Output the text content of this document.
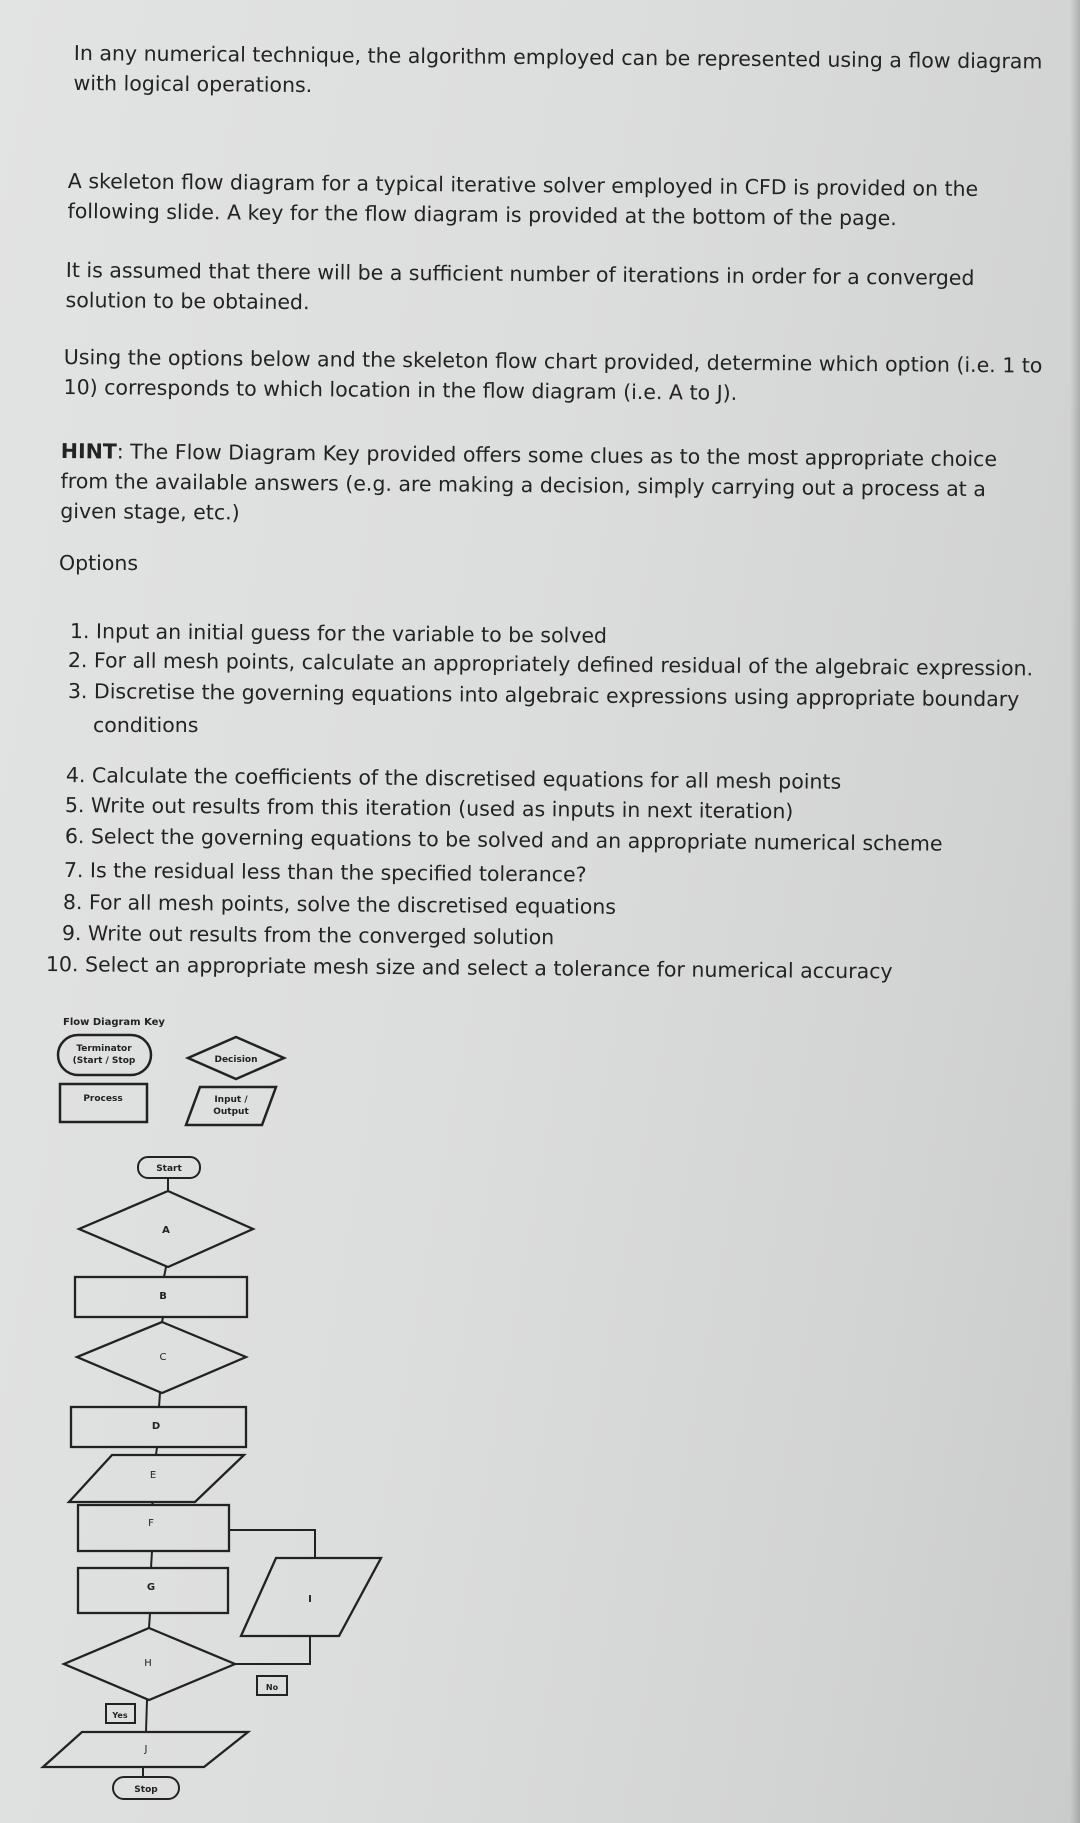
In any numerical technique, the algorithm employed can be represented using a flow diagram with logical operations.

A skeleton flow diagram for a typical iterative solver employed in CFD is provided on the following slide. A key for the flow diagram is provided at the bottom of the page.

It is assumed that there will be a sufficient number of iterations in order for a converged solution to be obtained.

Using the options below and the skeleton flow chart provided, determine which option (i.e. 1 to 10) corresponds to which location in the flow diagram (i.e. A to J).

HINT: The Flow Diagram Key provided offers some clues as to the most appropriate choice from the available answers (e.g. are making a decision, simply carrying out a process at a given stage, etc.)

Options

1. Input an initial guess for the variable to be solved

2. For all mesh points, calculate an appropriately defined residual of the algebraic expression.

3. Discretise the governing equations into algebraic expressions using appropriate boundary

conditions

4. Calculate the coefficients of the discretised equations for all mesh points

5. Write out results from this iteration (used as inputs in next iteration)

6. Select the governing equations to be solved and an appropriate numerical scheme

7. Is the residual less than the specified tolerance?

8. For all mesh points, solve the discretised equations

9. Write out results from the converged solution

10. Select an appropriate mesh size and select a tolerance for numerical accuracy

Flow Diagram Key
Terminator
(Start / Stop	Decision
Process	Input /
Output
Start
Stop
Yes
No
A
B
C
D
E
F
G
H
I
J
